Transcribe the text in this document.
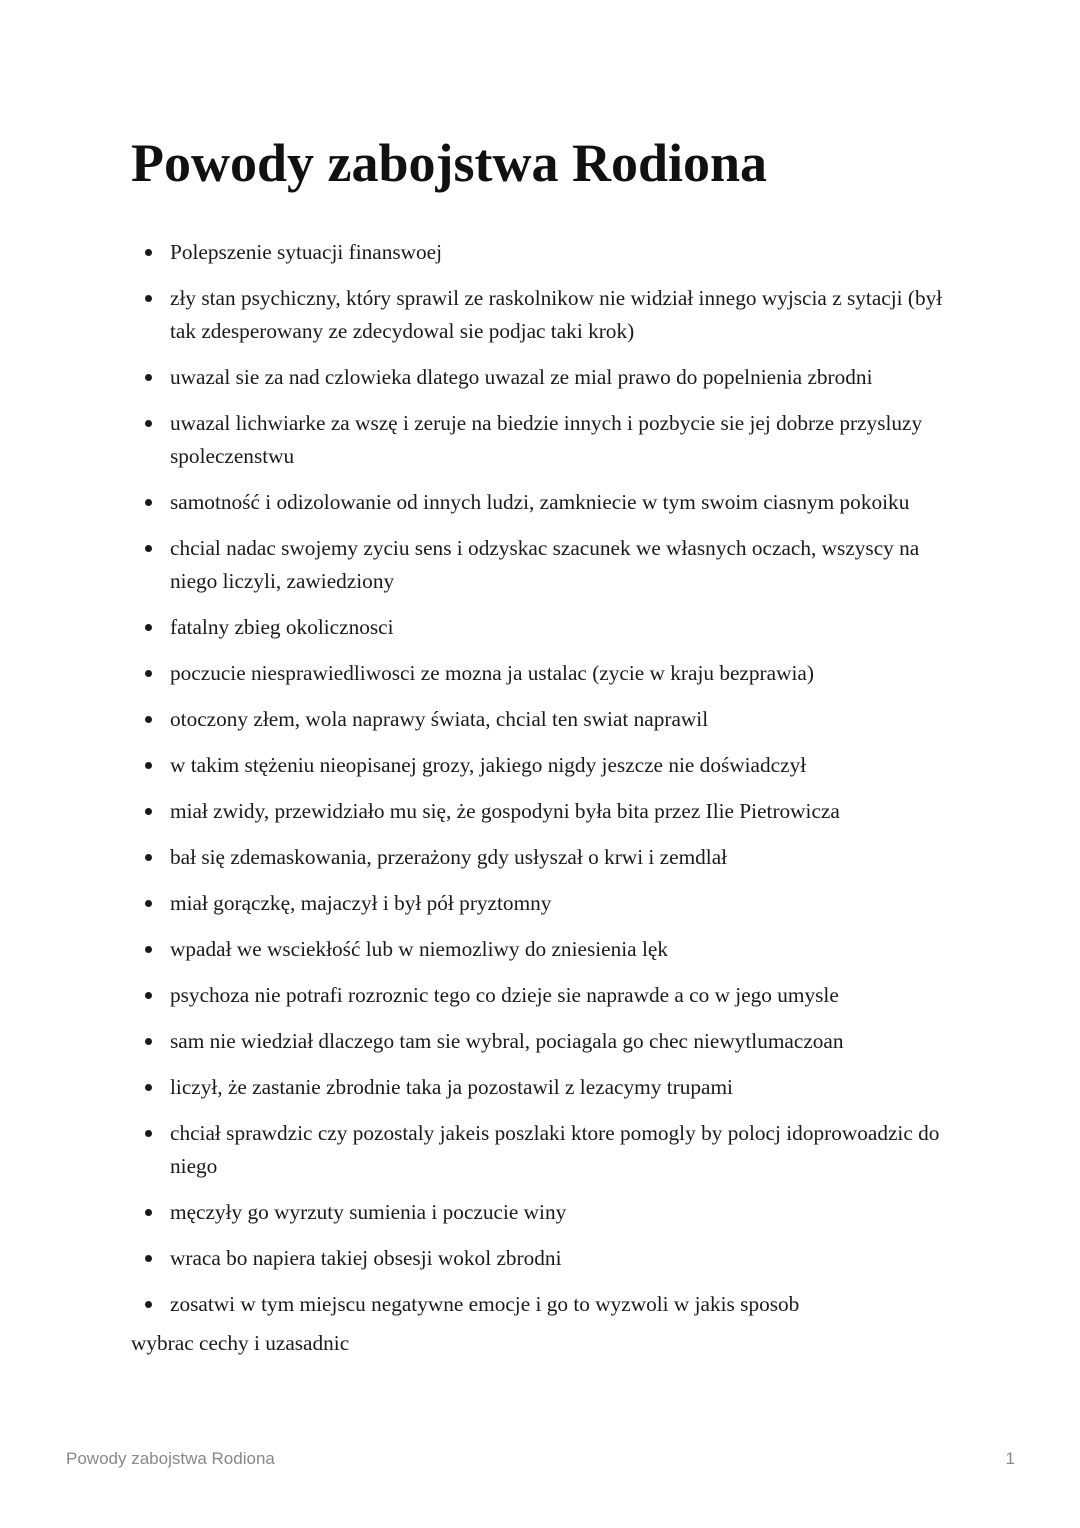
Powody zabojstwa Rodiona
Polepszenie sytuacji finanswoej
zły stan psychiczny, który sprawil ze raskolnikow nie widział innego wyjscia z sytacji (był tak zdesperowany ze zdecydowal sie podjac taki krok)
uwazal sie za nad czlowieka dlatego uwazal ze mial prawo do popelnienia zbrodni
uwazal lichwiarke za wszę i zeruje na biedzie innych i pozbycie sie jej dobrze przysluzy spoleczenstwu
samotność i odizolowanie od innych ludzi, zamkniecie w tym swoim ciasnym pokoiku
chcial nadac swojemy zyciu sens i odzyskac szacunek we własnych oczach, wszyscy na niego liczyli, zawiedziony
fatalny zbieg okolicznosci
poczucie niesprawiedliwosci ze mozna ja ustalac (zycie w kraju bezprawia)
otoczony złem, wola naprawy świata, chcial ten swiat naprawil
w takim stężeniu nieopisanej grozy, jakiego nigdy jeszcze nie doświadczył
miał zwidy, przewidziało mu się, że gospodyni była bita przez Ilie Pietrowicza
bał się zdemaskowania, przerażony gdy usłyszał o krwi i zemdlał
miał gorączkę, majaczył i był pół pryztomny
wpadał we wsciekłość lub w niemozliwy do zniesienia lęk
psychoza nie potrafi rozroznic tego co dzieje sie naprawde a co w jego umysle
sam nie wiedział dlaczego tam sie wybral, pociagala go chec niewytlumaczoan
liczył, że zastanie zbrodnie taka ja pozostawil z lezacymy trupami
chciał sprawdzic czy pozostaly jakeis poszlaki ktore pomogly by polocj idoprowoadzic do niego
męczyły go wyrzuty sumienia i poczucie winy
wraca bo napiera takiej obsesji wokol zbrodni
zosatwi w tym miejscu negatywne emocje i go to wyzwoli w jakis sposob

wybrac cechy i uzasadnic

Powody zabojstwa Rodiona	1
